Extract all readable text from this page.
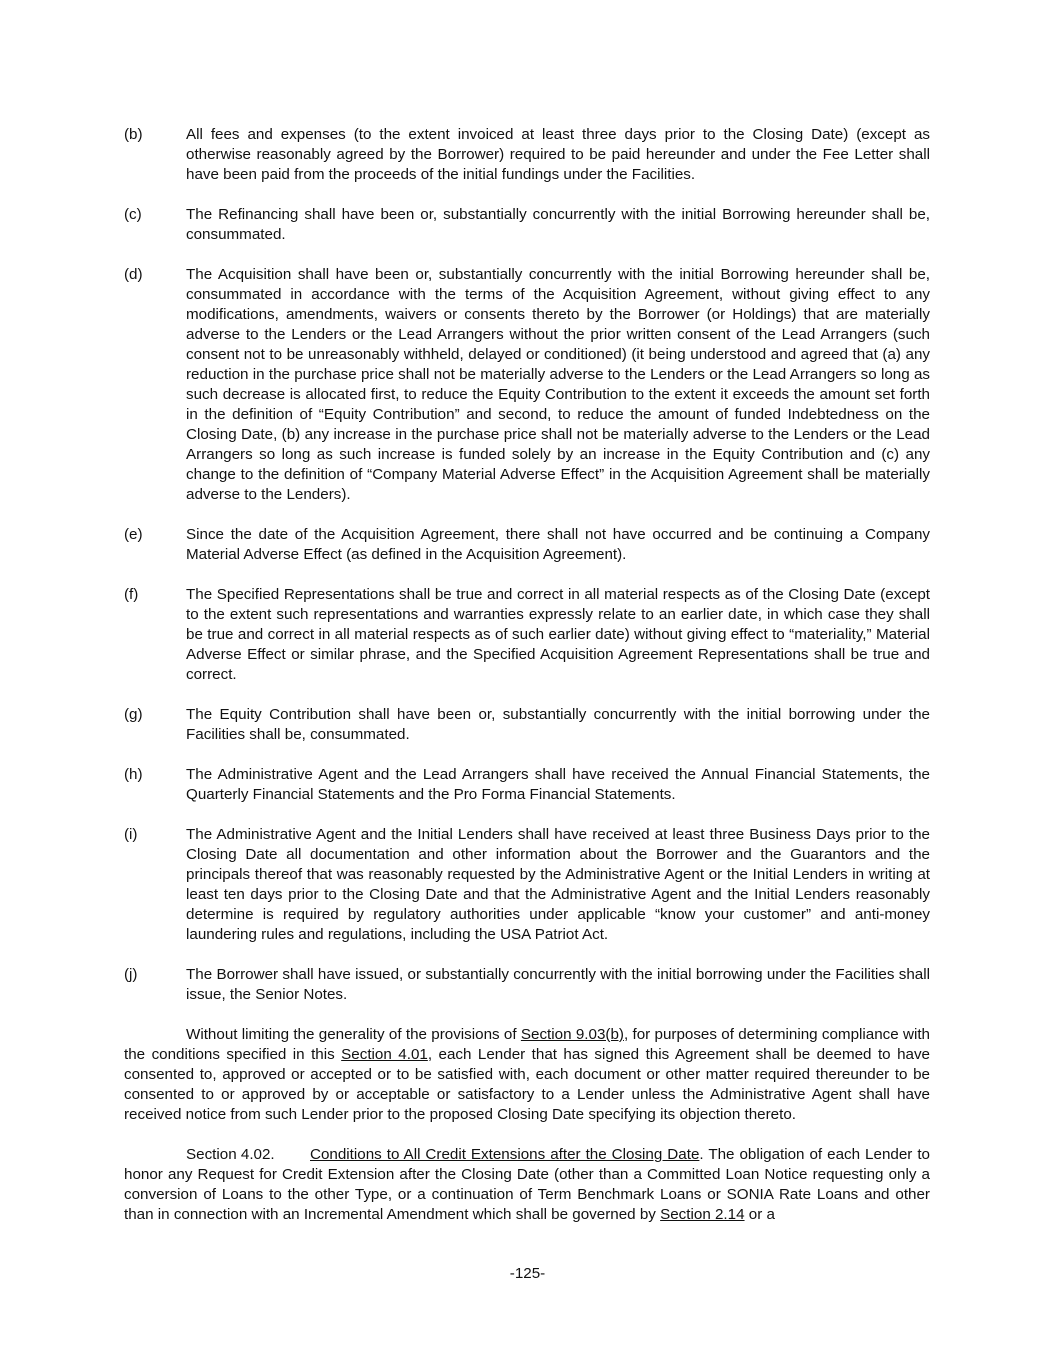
(b)	All fees and expenses (to the extent invoiced at least three days prior to the Closing Date) (except as otherwise reasonably agreed by the Borrower) required to be paid hereunder and under the Fee Letter shall have been paid from the proceeds of the initial fundings under the Facilities.

(c)	The Refinancing shall have been or, substantially concurrently with the initial Borrowing hereunder shall be, consummated.

(d)	The Acquisition shall have been or, substantially concurrently with the initial Borrowing hereunder shall be, consummated in accordance with the terms of the Acquisition Agreement, without giving effect to any modifications, amendments, waivers or consents thereto by the Borrower (or Holdings) that are materially adverse to the Lenders or the Lead Arrangers without the prior written consent of the Lead Arrangers (such consent not to be unreasonably withheld, delayed or conditioned) (it being understood and agreed that (a) any reduction in the purchase price shall not be materially adverse to the Lenders or the Lead Arrangers so long as such decrease is allocated first, to reduce the Equity Contribution to the extent it exceeds the amount set forth in the definition of “Equity Contribution” and second, to reduce the amount of funded Indebtedness on the Closing Date, (b) any increase in the purchase price shall not be materially adverse to the Lenders or the Lead Arrangers so long as such increase is funded solely by an increase in the Equity Contribution and (c) any change to the definition of “Company Material Adverse Effect” in the Acquisition Agreement shall be materially adverse to the Lenders).

(e)	Since the date of the Acquisition Agreement, there shall not have occurred and be continuing a Company Material Adverse Effect (as defined in the Acquisition Agreement).

(f)	The Specified Representations shall be true and correct in all material respects as of the Closing Date (except to the extent such representations and warranties expressly relate to an earlier date, in which case they shall be true and correct in all material respects as of such earlier date) without giving effect to “materiality,” Material Adverse Effect or similar phrase, and the Specified Acquisition Agreement Representations shall be true and correct.

(g)	The Equity Contribution shall have been or, substantially concurrently with the initial borrowing under the Facilities shall be, consummated.

(h)	The Administrative Agent and the Lead Arrangers shall have received the Annual Financial Statements, the Quarterly Financial Statements and the Pro Forma Financial Statements.

(i)	The Administrative Agent and the Initial Lenders shall have received at least three Business Days prior to the Closing Date all documentation and other information about the Borrower and the Guarantors and the principals thereof that was reasonably requested by the Administrative Agent or the Initial Lenders in writing at least ten days prior to the Closing Date and that the Administrative Agent and the Initial Lenders reasonably determine is required by regulatory authorities under applicable “know your customer” and anti-money laundering rules and regulations, including the USA Patriot Act.

(j)	The Borrower shall have issued, or substantially concurrently with the initial borrowing under the Facilities shall issue, the Senior Notes.

Without limiting the generality of the provisions of Section 9.03(b), for purposes of determining compliance with the conditions specified in this Section 4.01, each Lender that has signed this Agreement shall be deemed to have consented to, approved or accepted or to be satisfied with, each document or other matter required thereunder to be consented to or approved by or acceptable or satisfactory to a Lender unless the Administrative Agent shall have received notice from such Lender prior to the proposed Closing Date specifying its objection thereto.

Section 4.02. Conditions to All Credit Extensions after the Closing Date. The obligation of each Lender to honor any Request for Credit Extension after the Closing Date (other than a Committed Loan Notice requesting only a conversion of Loans to the other Type, or a continuation of Term Benchmark Loans or SONIA Rate Loans and other than in connection with an Incremental Amendment which shall be governed by Section 2.14 or a

-125-
